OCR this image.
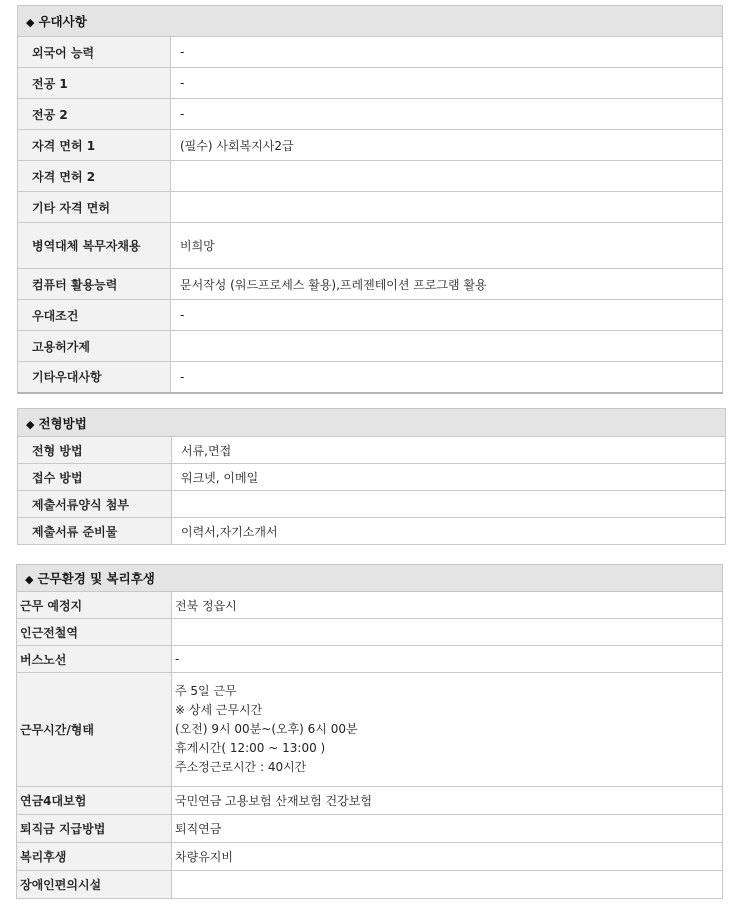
◆ 우대사항	
외국어 능력	-
전공 1	-
전공 2	-
자격 면허 1	(필수) 사회복지사2급
자격 면허 2	
기타 자격 면허	
병역대체 복무자채용	비희망
컴퓨터 활용능력	문서작성 (워드프로세스 활용),프레젠테이션 프로그램 활용
우대조건	-
고용허가제	
기타우대사항	-
◆ 전형방법	
전형 방법	서류,면접
접수 방법	워크넷, 이메일
제출서류양식 첨부	
제출서류 준비물	이력서,자기소개서
◆ 근무환경 및 복리후생	
근무 예정지	전북 정읍시
인근전철역	
버스노선	-
근무시간/형태	주 5일 근무
※ 상세 근무시간
(오전) 9시 00분~(오후) 6시 00분
휴게시간( 12:00 ~ 13:00 )
주소정근로시간 : 40시간

연금4대보험	국민연금 고용보험 산재보험 건강보험
퇴직금 지급방법	퇴직연금
복리후생	차량유지비
장애인편의시설	
